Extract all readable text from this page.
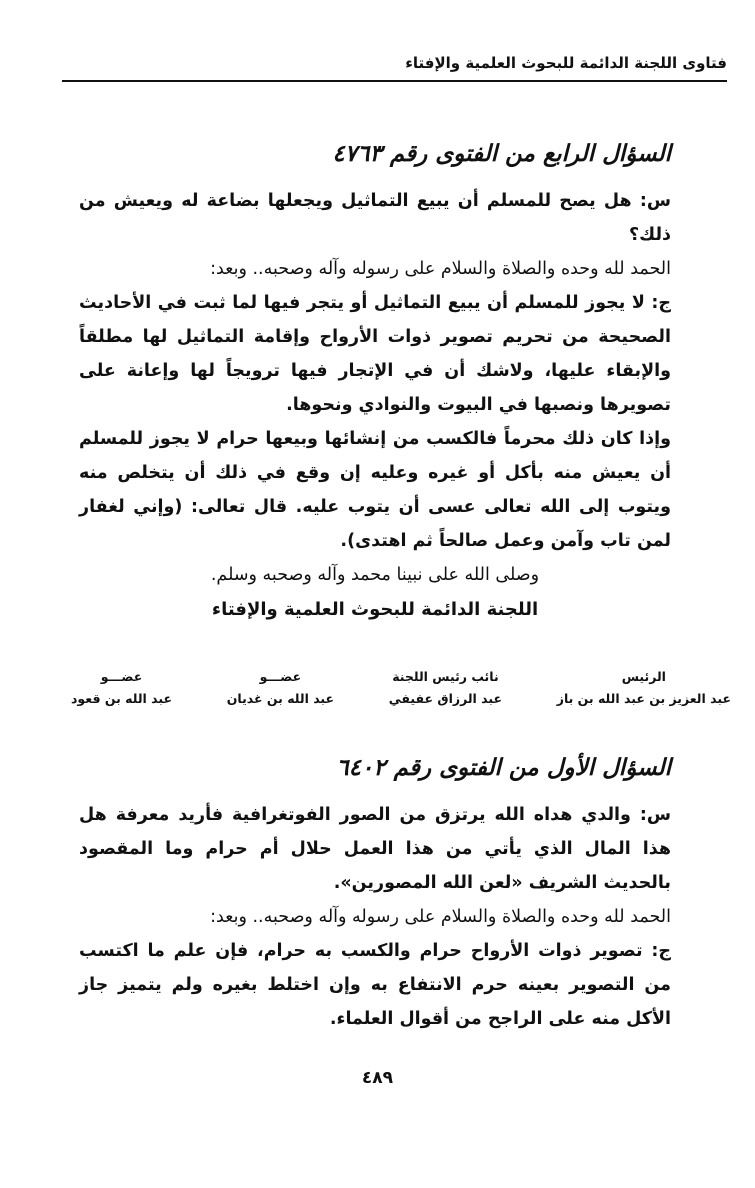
فتاوى اللجنة الدائمة للبحوث العلمية والإفتاء
السؤال الرابع من الفتوى رقم ٤٧٦٣

س: هل يصح للمسلم أن يبيع التماثيل ويجعلها بضاعة له ويعيش من ذلك؟

الحمد لله وحده والصلاة والسلام على رسوله وآله وصحبه.. وبعد:

ج: لا يجوز للمسلم أن يبيع التماثيل أو يتجر فيها لما ثبت في الأحاديث الصحيحة من تحريم تصوير ذوات الأرواح وإقامة التماثيل لها مطلقاً والإبقاء عليها، ولاشك أن في الإتجار فيها ترويجاً لها وإعانة على تصويرها ونصبها في البيوت والنوادي ونحوها.

وإذا كان ذلك محرماً فالكسب من إنشائها وبيعها حرام لا يجوز للمسلم أن يعيش منه بأكل أو غيره وعليه إن وقع في ذلك أن يتخلص منه ويتوب إلى الله تعالى عسى أن يتوب عليه. قال تعالى: (وإني لغفار لمن تاب وآمن وعمل صالحاً ثم اهتدى).

وصلى الله على نبينا محمد وآله وصحبه وسلم.

اللجنة الدائمة للبحوث العلمية والإفتاء

الرئيس
عبد العزيز بن عبد الله بن باز
نائب رئيس اللجنة
عبد الرزاق عفيفي
عضـــو
عبد الله بن غديان
عضـــو
عبد الله بن قعود
السؤال الأول من الفتوى رقم ٦٤٠٢

س: والدي هداه الله يرتزق من الصور الفوتغرافية فأريد معرفة هل هذا المال الذي يأتي من هذا العمل حلال أم حرام وما المقصود بالحديث الشريف «لعن الله المصورين».

الحمد لله وحده والصلاة والسلام على رسوله وآله وصحبه.. وبعد:

ج: تصوير ذوات الأرواح حرام والكسب به حرام، فإن علم ما اكتسب من التصوير بعينه حرم الانتفاع به وإن اختلط بغيره ولم يتميز جاز الأكل منه على الراجح من أقوال العلماء.

٤٨٩
